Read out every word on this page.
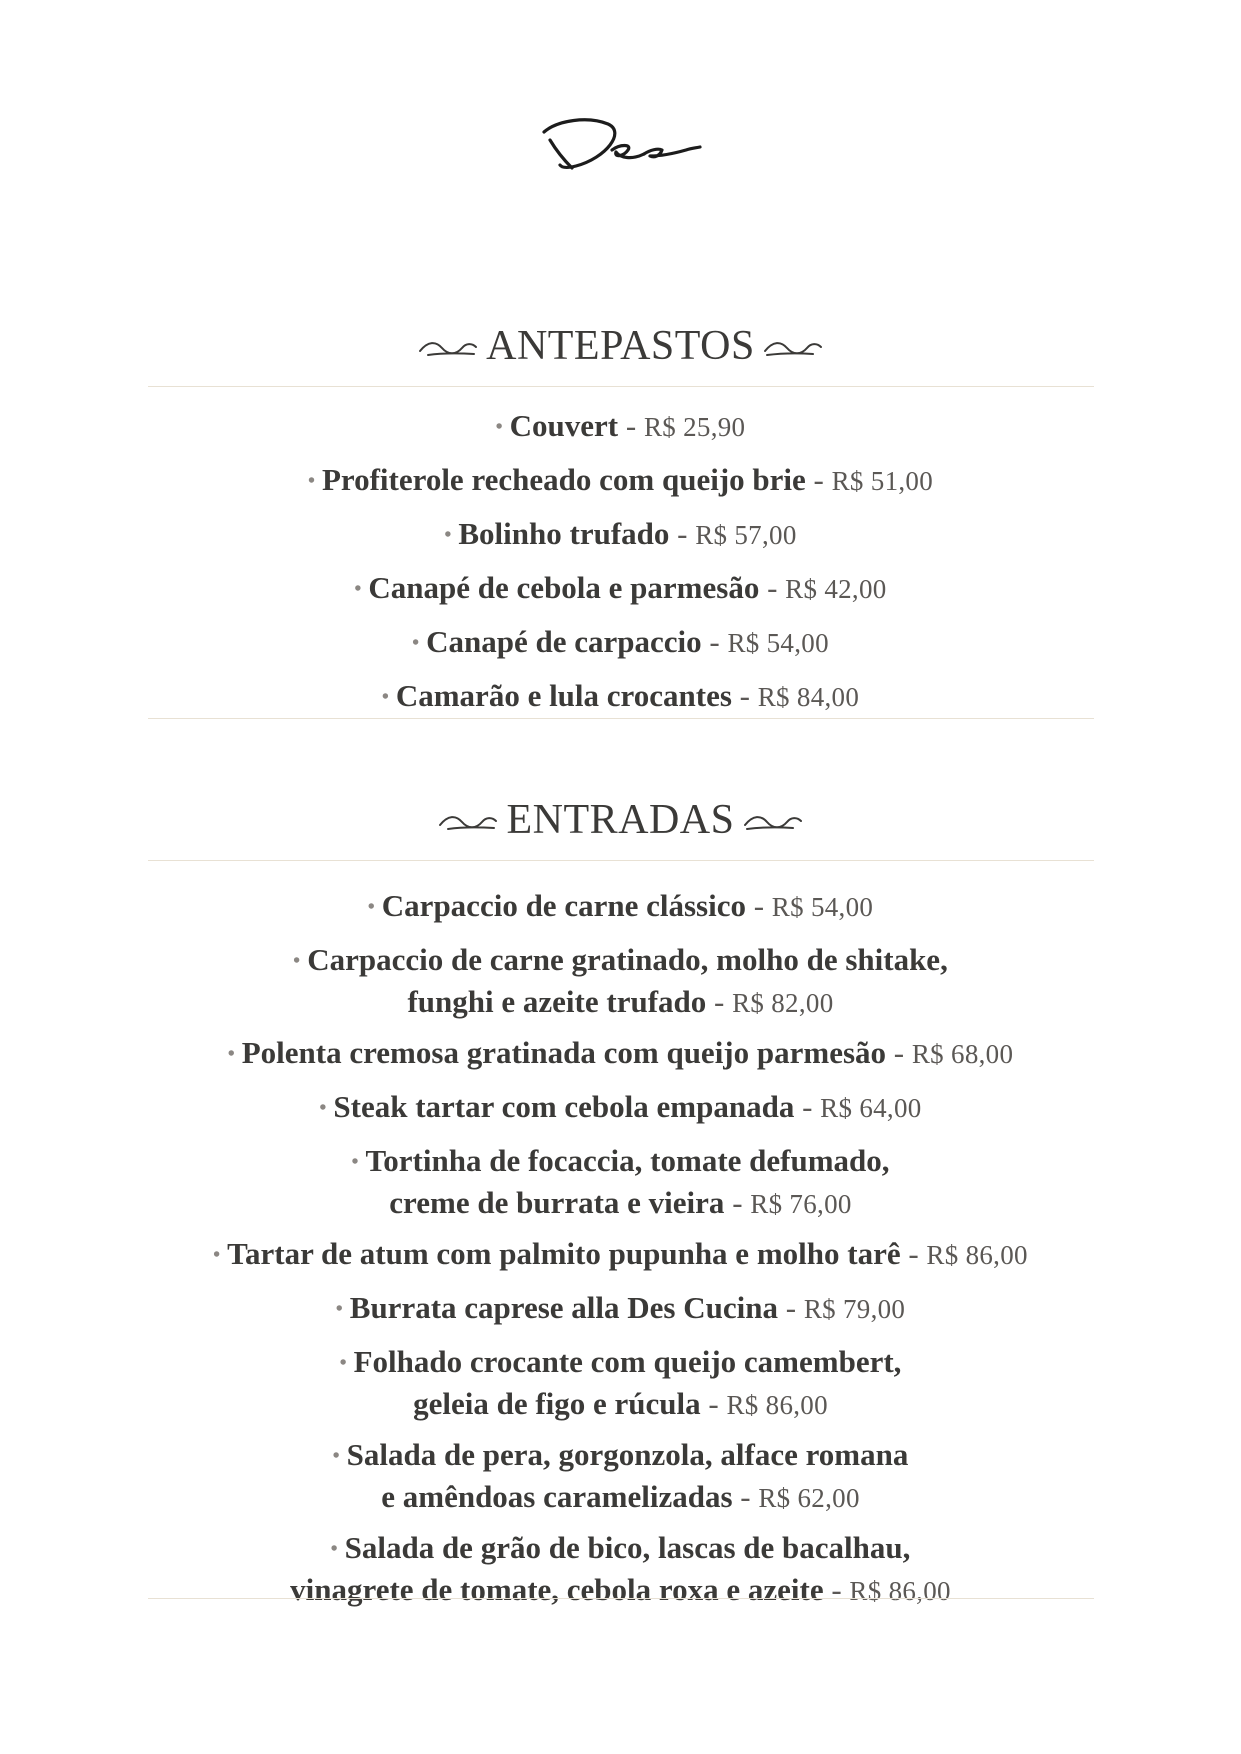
ANTEPASTOS

• Couvert - R$ 25,90

• Profiterole recheado com queijo brie - R$ 51,00

• Bolinho trufado - R$ 57,00

• Canapé de cebola e parmesão - R$ 42,00

• Canapé de carpaccio - R$ 54,00

• Camarão e lula crocantes - R$ 84,00

ENTRADAS

• Carpaccio de carne clássico - R$ 54,00

• Carpaccio de carne gratinado, molho de shitake,
funghi e azeite trufado - R$ 82,00

• Polenta cremosa gratinada com queijo parmesão - R$ 68,00

• Steak tartar com cebola empanada - R$ 64,00

• Tortinha de focaccia, tomate defumado,
creme de burrata e vieira - R$ 76,00

• Tartar de atum com palmito pupunha e molho tarê - R$ 86,00

• Burrata caprese alla Des Cucina - R$ 79,00

• Folhado crocante com queijo camembert,
geleia de figo e rúcula - R$ 86,00

• Salada de pera, gorgonzola, alface romana
e amêndoas caramelizadas - R$ 62,00

• Salada de grão de bico, lascas de bacalhau,
vinagrete de tomate, cebola roxa e azeite - R$ 86,00
